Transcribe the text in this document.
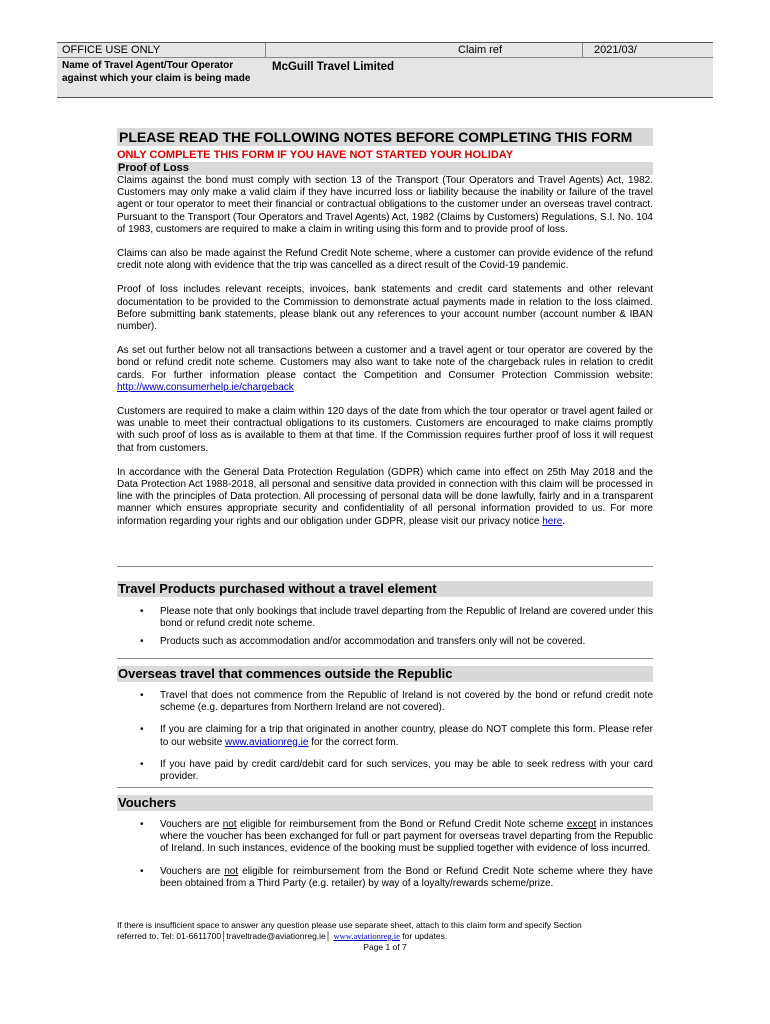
OFFICE USE ONLY	Claim ref	2021/03/
Name of Travel Agent/Tour Operator against which your claim is being made
McGuill Travel Limited
PLEASE READ THE FOLLOWING NOTES BEFORE COMPLETING THIS FORM
ONLY COMPLETE THIS FORM IF YOU HAVE NOT STARTED YOUR HOLIDAY
Proof of Loss

Claims against the bond must comply with section 13 of the Transport (Tour Operators and Travel Agents) Act, 1982. Customers may only make a valid claim if they have incurred loss or liability because the inability or failure of the travel agent or tour operator to meet their financial or contractual obligations to the customer under an overseas travel contract. Pursuant to the Transport (Tour Operators and Travel Agents) Act, 1982 (Claims by Customers) Regulations, S.I. No. 104 of 1983, customers are required to make a claim in writing using this form and to provide proof of loss.

Claims can also be made against the Refund Credit Note scheme, where a customer can provide evidence of the refund credit note along with evidence that the trip was cancelled as a direct result of the Covid-19 pandemic.

Proof of loss includes relevant receipts, invoices, bank statements and credit card statements and other relevant documentation to be provided to the Commission to demonstrate actual payments made in relation to the loss claimed. Before submitting bank statements, please blank out any references to your account number (account number & IBAN number).

As set out further below not all transactions between a customer and a travel agent or tour operator are covered by the bond or refund credit note scheme. Customers may also want to take note of the chargeback rules in relation to credit cards. For further information please contact the Competition and Consumer Protection Commission website: http://www.consumerhelp.ie/chargeback

Customers are required to make a claim within 120 days of the date from which the tour operator or travel agent failed or was unable to meet their contractual obligations to its customers. Customers are encouraged to make claims promptly with such proof of loss as is available to them at that time. If the Commission requires further proof of loss it will request that from customers.

In accordance with the General Data Protection Regulation (GDPR) which came into effect on 25th May 2018 and the Data Protection Act 1988-2018, all personal and sensitive data provided in connection with this claim will be processed in line with the principles of Data protection. All processing of personal data will be done lawfully, fairly and in a transparent manner which ensures appropriate security and confidentiality of all personal information provided to us. For more information regarding your rights and our obligation under GDPR, please visit our privacy notice here.

Travel Products purchased without a travel element
• Please note that only bookings that include travel departing from the Republic of Ireland are covered under this bond or refund credit note scheme.
• Products such as accommodation and/or accommodation and transfers only will not be covered.
Overseas travel that commences outside the Republic
• Travel that does not commence from the Republic of Ireland is not covered by the bond or refund credit note scheme (e.g. departures from Northern Ireland are not covered).
• If you are claiming for a trip that originated in another country, please do NOT complete this form. Please refer to our website www.aviationreg.ie for the correct form.
• If you have paid by credit card/debit card for such services, you may be able to seek redress with your card provider.
Vouchers
• Vouchers are not eligible for reimbursement from the Bond or Refund Credit Note scheme except in instances where the voucher has been exchanged for full or part payment for overseas travel departing from the Republic of Ireland. In such instances, evidence of the booking must be supplied together with evidence of loss incurred.
• Vouchers are not eligible for reimbursement from the Bond or Refund Credit Note scheme where they have been obtained from a Third Party (e.g. retailer) by way of a loyalty/rewards scheme/prize.
If there is insufficient space to answer any question please use separate sheet, attach to this claim form and specify Section
referred to. Tel: 01-6611700│traveltrade@aviationreg.ie│ www.aviationreg.ie for updates.
Page 1 of 7
